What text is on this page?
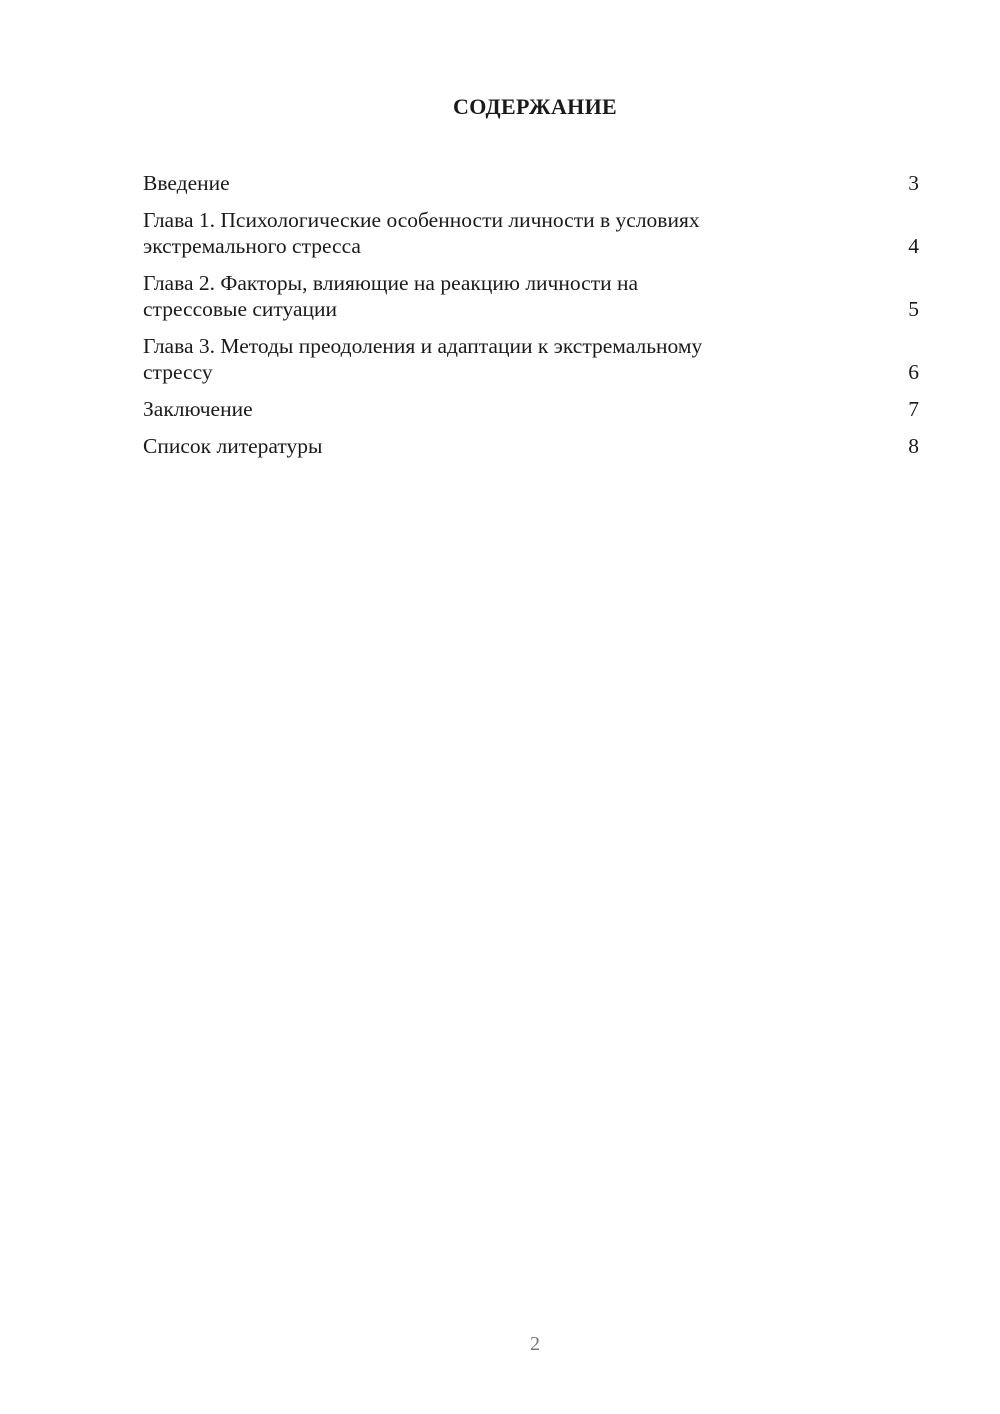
СОДЕРЖАНИЕ
Введение	3
Глава 1. Психологические особенности личности в условиях
экстремального стресса	4
Глава 2. Факторы, влияющие на реакцию личности на
стрессовые ситуации	5
Глава 3. Методы преодоления и адаптации к экстремальному
стрессу	6
Заключение	7
Список литературы	8
2
